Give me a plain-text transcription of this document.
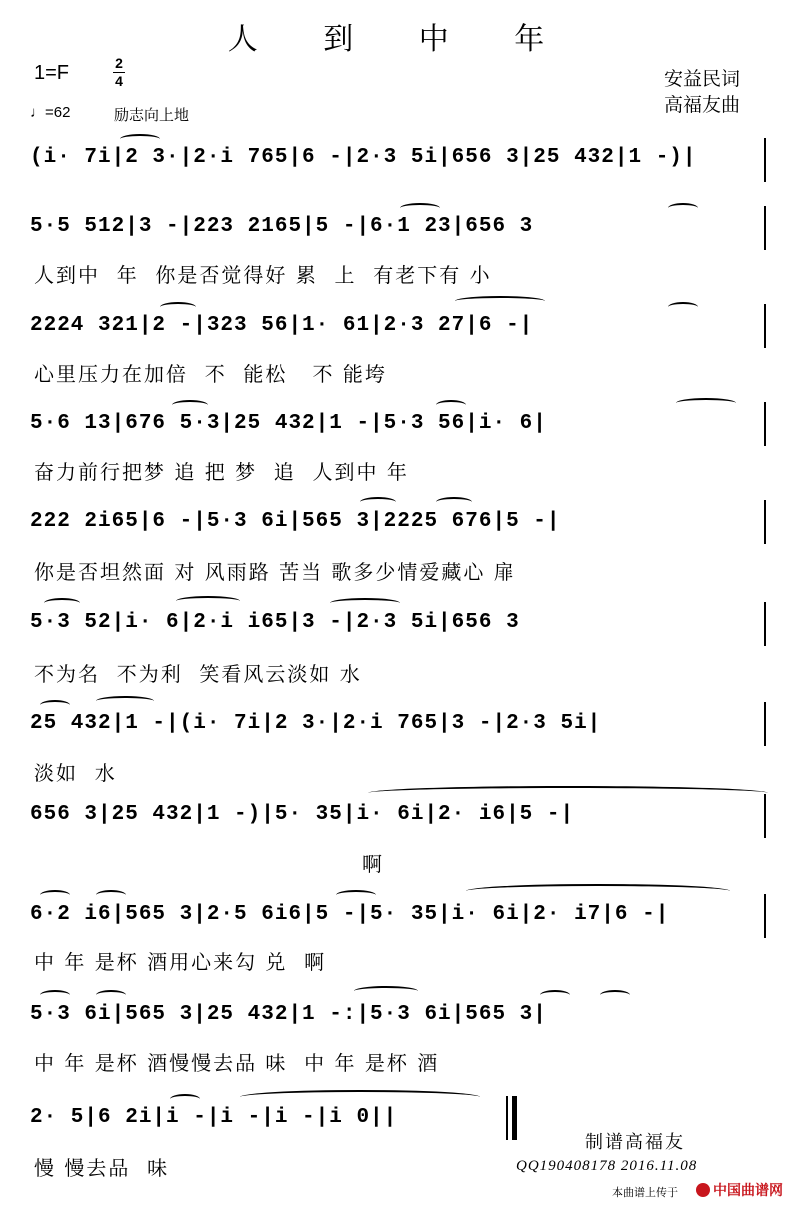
人 到 中 年
1=F	2
4
♩=62	励志向上地
安益民词
高福友曲
(i· 7i|2 3·|2·i 765|6 -|2·3 5i|656 3|25 432|1 -)|
5·5 512|3 -|223 2165|5 -|6·1 23|656 3
人到中  年  你是否觉得好 累  上  有老下有 小
2224 321|2 -|323 56|1· 61|2·3 27|6 -|
心里压力在加倍  不  能松   不 能垮
5·6 13|676 5·3|25 432|1 -|5·3 56|i· 6|
奋力前行把梦 追 把 梦  追  人到中 年
222 2i65|6 -|5·3 6i|565 3|2225 676|5 -|
你是否坦然面 对 风雨路 苦当 歌多少情爱藏心 扉
5·3 52|i· 6|2·i i65|3 -|2·3 5i|656 3
不为名  不为利  笑看风云淡如 水
25 432|1 -|(i· 7i|2 3·|2·i 765|3 -|2·3 5i|
淡如  水
656 3|25 432|1 -)|5· 35|i· 6i|2· i6|5 -|
啊
6·2 i6|565 3|2·5 6i6|5 -|5· 35|i· 6i|2· i7|6 -|
中 年 是杯 酒用心来勾 兑  啊
5·3 6i|565 3|25 432|1 -:|5·3 6i|565 3|
中 年 是杯 酒慢慢去品 味  中 年 是杯 酒
2· 5|6 2i|i -|i -|i -|i 0||
慢 慢去品  味
制谱高福友
QQ190408178 2016.11.08
本曲谱上传于	中国曲谱网
